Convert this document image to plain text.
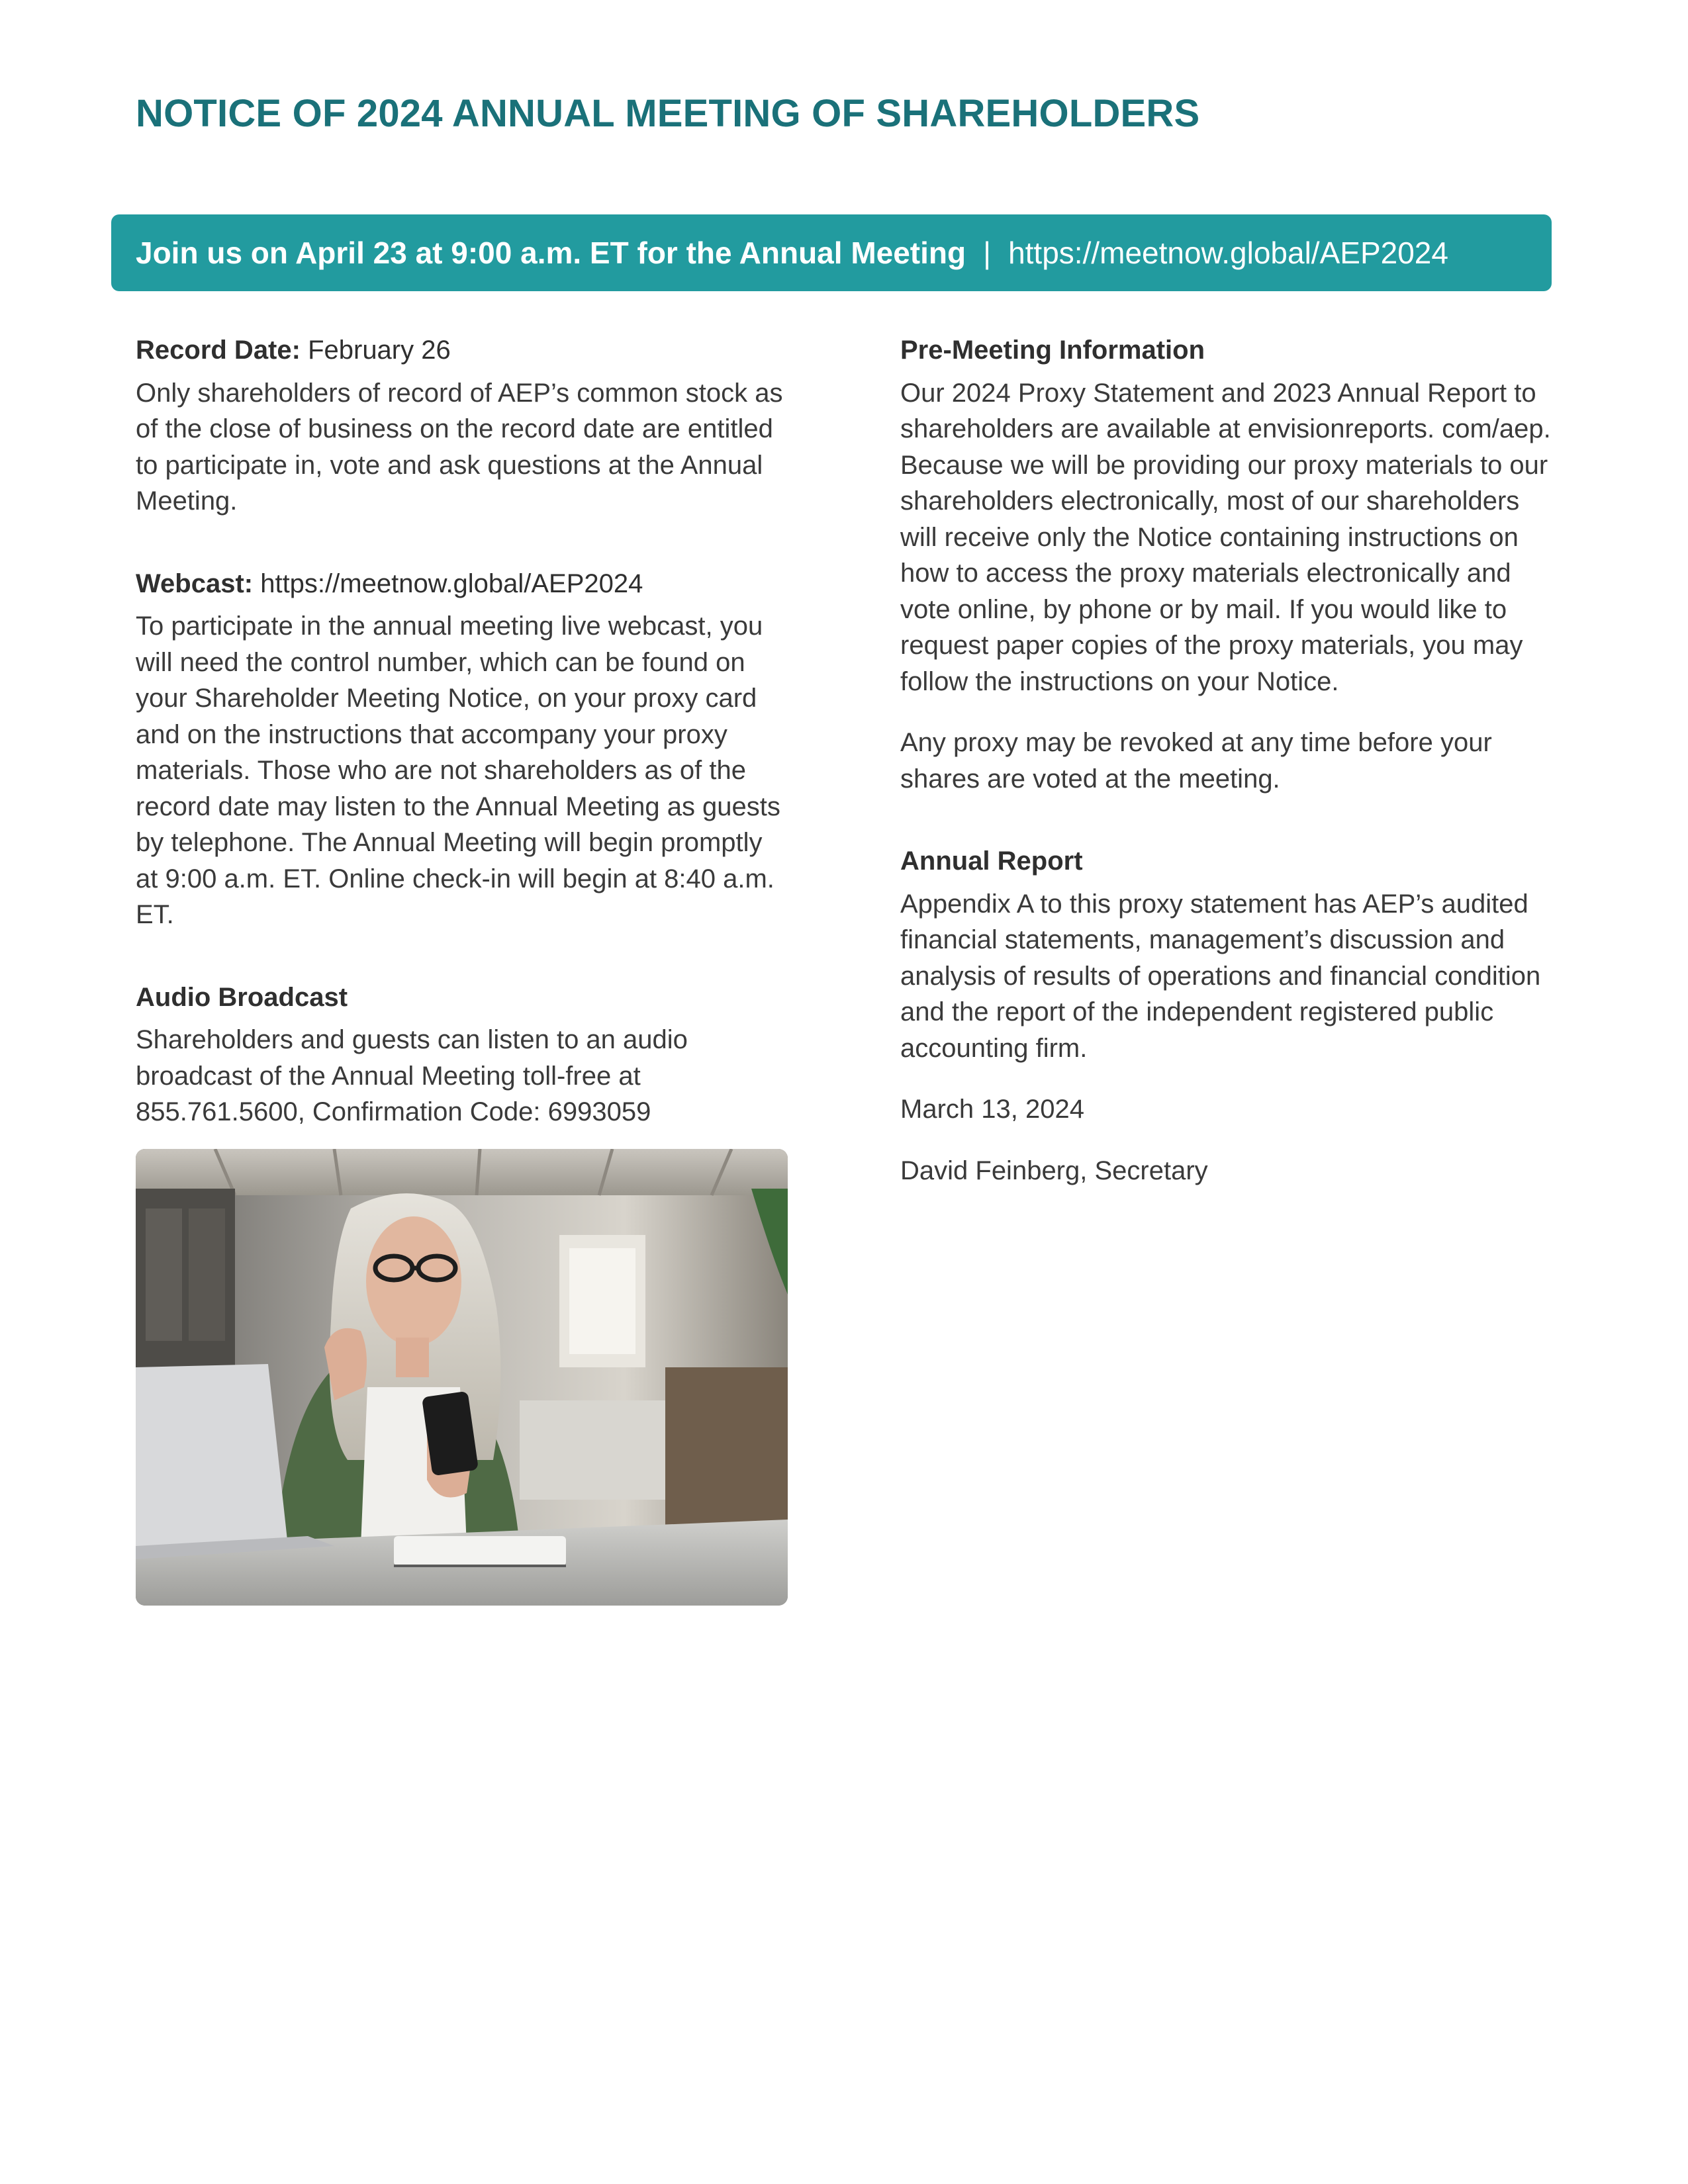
NOTICE OF 2024 ANNUAL MEETING OF SHAREHOLDERS
Join us on April 23 at 9:00 a.m. ET for the Annual Meeting | https://meetnow.global/AEP2024

Record Date: February 26

Only shareholders of record of AEP’s common stock as of the close of business on the record date are entitled to participate in, vote and ask questions at the Annual Meeting.

Webcast: https://meetnow.global/AEP2024

To participate in the annual meeting live webcast, you will need the control number, which can be found on your Shareholder Meeting Notice, on your proxy card and on the instructions that accompany your proxy materials. Those who are not shareholders as of the record date may listen to the Annual Meeting as guests by telephone. The Annual Meeting will begin promptly at 9:00 a.m. ET. Online check-in will begin at 8:40 a.m. ET.

Audio Broadcast

Shareholders and guests can listen to an audio broadcast of the Annual Meeting toll-free at 855.761.5600, Confirmation Code: 6993059

Pre-Meeting Information

Our 2024 Proxy Statement and 2023 Annual Report to shareholders are available at envisionreports. com/aep. Because we will be providing our proxy materials to our shareholders electronically, most of our shareholders will receive only the Notice containing instructions on how to access the proxy materials electronically and vote online, by phone or by mail. If you would like to request paper copies of the proxy materials, you may follow the instructions on your Notice.

Any proxy may be revoked at any time before your shares are voted at the meeting.

Annual Report

Appendix A to this proxy statement has AEP’s audited financial statements, management’s discussion and analysis of results of operations and financial condition and the report of the independent registered public accounting firm.

March 13, 2024

David Feinberg, Secretary
